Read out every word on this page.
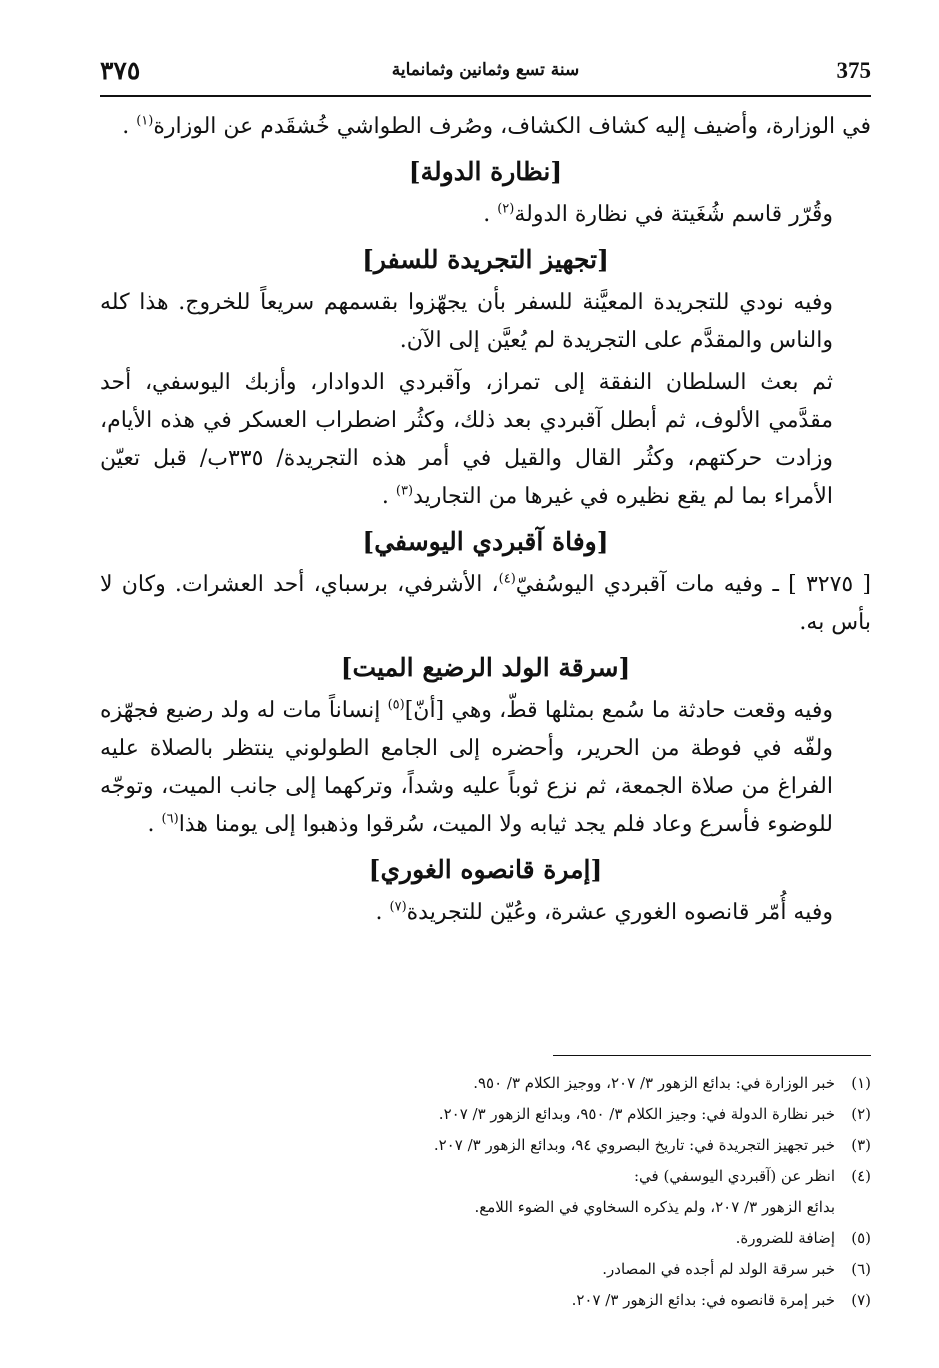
375
سنة تسع وثمانين وثمانماية
٣٧٥

في الوزارة، وأضيف إليه كشاف الكشاف، وصُرف الطواشي خُشقَدم عن الوزارة$^{(١)}$ .

[نظارة الدولة]

وقُرّر قاسم شُغَيتة في نظارة الدولة$^{(٢)}$ .

[تجهيز التجريدة للسفر]

وفيه نودي للتجريدة المعيَّنة للسفر بأن يجهّزوا بقسمهم سريعاً للخروج. هذا كله والناس والمقدَّم على التجريدة لم يُعيَّن إلى الآن.

ثم بعث السلطان النفقة إلى تمراز، وآقبردي الدوادار، وأزبك اليوسفي، أحد مقدَّمي الألوف، ثم أبطل آقبردي بعد ذلك، وكثُر اضطراب العسكر في هذه الأيام، وزادت حركتهم، وكثُر القال والقيل في أمر هذه التجريدة/ ٣٣٥ب/ قبل تعيّن الأمراء بما لم يقع نظيره في غيرها من التجاريد$^{(٣)}$ .

[وفاة آقبردي اليوسفي]

[ ٣٢٧٥ ] ـ وفيه مات آقبردي اليوسُفيّ$^{(٤)}$، الأشرفي، برسباي، أحد العشرات. وكان لا بأس به.

[سرقة الولد الرضيع الميت]

وفيه وقعت حادثة ما سُمع بمثلها قطّ، وهي [أنّ]$^{(٥)}$ إنساناً مات له ولد رضيع فجهّزه ولفّه في فوطة من الحرير، وأحضره إلى الجامع الطولوني ينتظر بالصلاة عليه الفراغ من صلاة الجمعة، ثم نزع ثوباً عليه وشداً، وتركهما إلى جانب الميت، وتوجّه للوضوء فأسرع وعاد فلم يجد ثيابه ولا الميت، سُرقوا وذهبوا إلى يومنا هذا$^{(٦)}$ .

[إمرة قانصوه الغوري]

وفيه أُمّر قانصوه الغوري عشرة، وعُيّن للتجريدة$^{(٧)}$ .

(١)خبر الوزارة في: بدائع الزهور ٣/ ٢٠٧، ووجيز الكلام ٣/ ٩٥٠.
(٢)خبر نظارة الدولة في: وجيز الكلام ٣/ ٩٥٠، وبدائع الزهور ٣/ ٢٠٧.
(٣)خبر تجهيز التجريدة في: تاريخ البصروي ٩٤، وبدائع الزهور ٣/ ٢٠٧.
(٤)انظر عن (آقبردي اليوسفي) في:
بدائع الزهور ٣/ ٢٠٧، ولم يذكره السخاوي في الضوء اللامع.
(٥)إضافة للضرورة.
(٦)خبر سرقة الولد لم أجده في المصادر.
(٧)خبر إمرة قانصوه في: بدائع الزهور ٣/ ٢٠٧.
